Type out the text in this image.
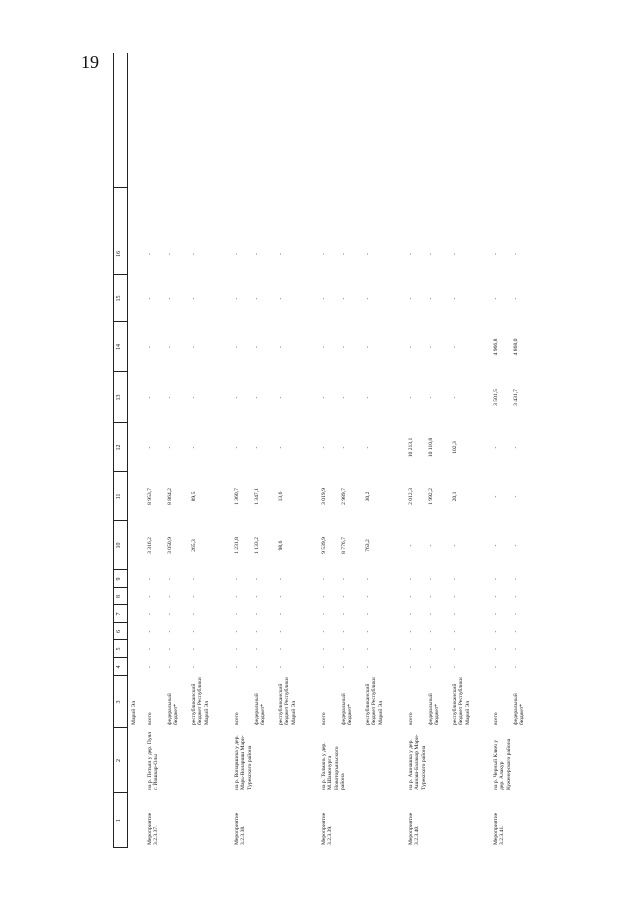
19
1
2
3
4
5
6
7
8
9
10
11
12
13
14
15
16
Марий Эл
Мероприятие 3.2.3.37.
на р. Петьял у дер. Пуял г. Йошкар-Олы
всего
-
-
-
-
-
-
3 316,2
8 953,7
-
-
-
-
-
федеральный бюджет*
-
-
-
-
-
-
3 050,9
8 864,2
-
-
-
-
-
республиканский бюджет Республики Марий Эл
-
-
-
-
-
-
265,3
89,5
-
-
-
-
-
Мероприятие 3.2.3.38.
на р. Вонаршика у дер. Марь-Вонаршш Мари-Турекского района
всего
-
-
-
-
-
-
1 231,8
1 360,7
-
-
-
-
-
федеральный бюджет*
-
-
-
-
-
-
1 133,2
1 347,1
-
-
-
-
-
республиканский бюджет Республики Марий Эл
-
-
-
-
-
-
98,6
13,6
-
-
-
-
-
Мероприятие 3.2.3.39.
на р. Толмань у дер. М.Шамонурга Новоторъяльского района
всего
-
-
-
-
-
-
9 539,9
3 019,9
-
-
-
-
-
федеральный бюджет*
-
-
-
-
-
-
8 776,7
2 989,7
-
-
-
-
-
республиканский бюджет Республики Марий Эл
-
-
-
-
-
-
763,2
30,2
-
-
-
-
-
Мероприятие 3.2.3.40.
на р. Ашнашка у дер. Ашнаш-Балакор Мари-Турекского района
всего
-
-
-
-
-
-
-
2 012,3
10 213,1
-
-
-
-
федеральный бюджет*
-
-
-
-
-
-
-
1 992,2
10 110,8
-
-
-
-
республиканский бюджет Республики Марий Эл
-
-
-
-
-
-
-
20,1
102,3
-
-
-
-
Мероприятие 3.2.3.41.
на р. Черный Ключ у дер. Алакур Куженерского района
всего
-
-
-
-
-
-
-
-
-
3 501,5
4 966,8
-
-
федеральный бюджет*
-
-
-
-
-
-
-
-
-
3 431,7
4 868,0
-
-
